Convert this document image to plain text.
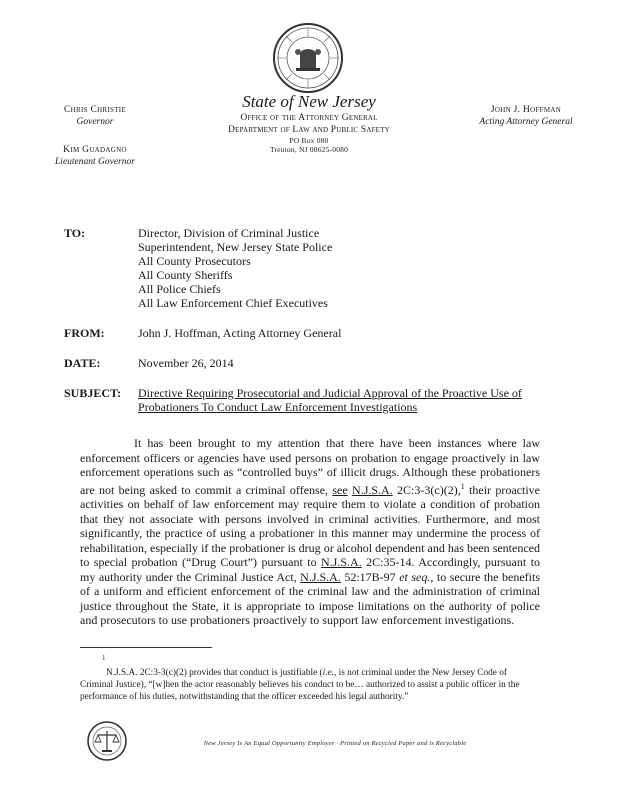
Chris Christie
Governor
Kim Guadagno
Lieutenant Governor
State of New Jersey
Office of the Attorney General
Department of Law and Public Safety
PO Box 080
Trenton, NJ 08625-0080
John J. Hoffman
Acting Attorney General
TO:	Director, Division of Criminal Justice
Superintendent, New Jersey State Police
All County Prosecutors
All County Sheriffs
All Police Chiefs
All Law Enforcement Chief Executives
FROM:	John J. Hoffman, Acting Attorney General
DATE:	November 26, 2014
SUBJECT:	Directive Requiring Prosecutorial and Judicial Approval of the Proactive Use of Probationers To Conduct Law Enforcement Investigations

It has been brought to my attention that there have been instances where law enforcement officers or agencies have used persons on probation to engage proactively in law enforcement operations such as “controlled buys” of illicit drugs. Although these probationers are not being asked to commit a criminal offense, see N.J.S.A. 2C:3-3(c)(2),$^1$ their proactive activities on behalf of law enforcement may require them to violate a condition of probation that they not associate with persons involved in criminal activities. Furthermore, and most significantly, the practice of using a probationer in this manner may undermine the process of rehabilitation, especially if the probationer is drug or alcohol dependent and has been sentenced to special probation (“Drug Court”) pursuant to N.J.S.A. 2C:35-14. Accordingly, pursuant to my authority under the Criminal Justice Act, N.J.S.A. 52:17B-97 et seq., to secure the benefits of a uniform and efficient enforcement of the criminal law and the administration of criminal justice throughout the State, it is appropriate to impose limitations on the authority of police and prosecutors to use probationers proactively to support law enforcement investigations.

1

N.J.S.A. 2C:3-3(c)(2) provides that conduct is justifiable (i.e., is not criminal under the New Jersey Code of Criminal Justice), “[w]hen the actor reasonably believes his conduct to be… authorized to assist a public officer in the performance of his duties, notwithstanding that the officer exceeded his legal authority.”

New Jersey Is An Equal Opportunity Employer · Printed on Recycled Paper and is Recyclable
